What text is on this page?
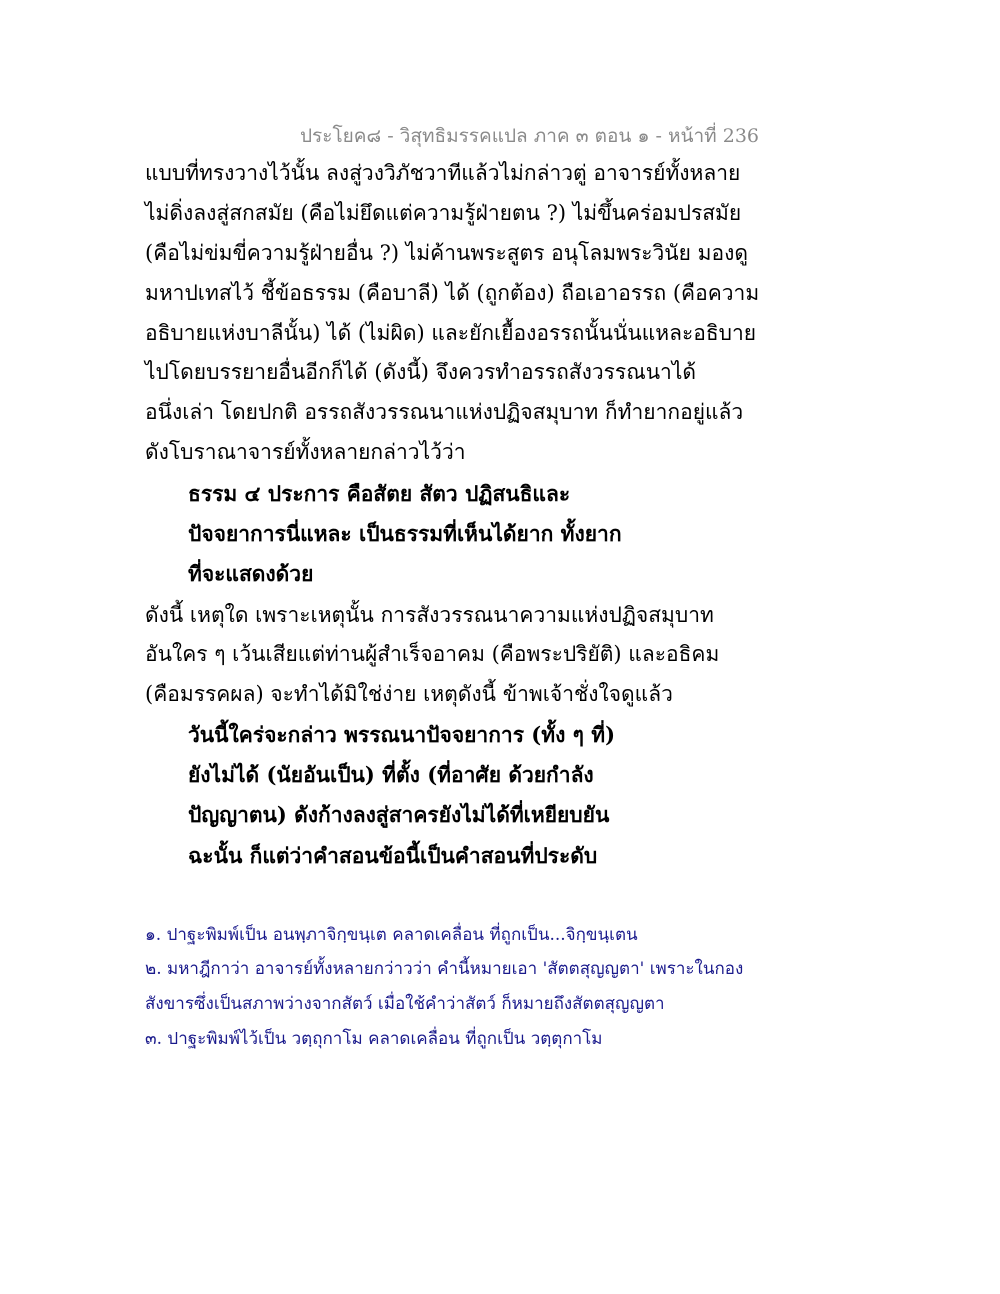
ประโยค๘ - วิสุทธิมรรคแปล ภาค ๓ ตอน ๑ - หน้าที่ 236
แบบที่ทรงวางไว้นั้น ลงสู่วงวิภัชวาทีแล้วไม่กล่าวตู่ อาจารย์ทั้งหลาย
ไม่ดิ่งลงสู่สกสมัย (คือไม่ยึดแต่ความรู้ฝ่ายตน ?) ไม่ขึ้นคร่อมปรสมัย
(คือไม่ข่มขี่ความรู้ฝ่ายอื่น ?) ไม่ค้านพระสูตร อนุโลมพระวินัย มองดู
มหาปเทสไว้ ชี้ข้อธรรม (คือบาลี) ได้ (ถูกต้อง) ถือเอาอรรถ (คือความ
อธิบายแห่งบาลีนั้น) ได้ (ไม่ผิด) และยักเยื้องอรรถนั้นนั่นแหละอธิบาย
ไปโดยบรรยายอื่นอีกก็ได้ (ดังนี้) จึงควรทำอรรถสังวรรณนาได้
อนึ่งเล่า โดยปกติ อรรถสังวรรณนาแห่งปฏิจสมุบาท ก็ทำยากอยู่แล้ว
ดังโบราณาจารย์ทั้งหลายกล่าวไว้ว่า
ธรรม ๔ ประการ คือสัตย สัตว ปฏิสนธิและ
ปัจจยาการนี่แหละ เป็นธรรมที่เห็นได้ยาก ทั้งยาก
ที่จะแสดงด้วย
ดังนี้ เหตุใด เพราะเหตุนั้น การสังวรรณนาความแห่งปฏิจสมุบาท
อันใคร ๆ เว้นเสียแต่ท่านผู้สำเร็จอาคม (คือพระปริยัติ) และอธิคม
(คือมรรคผล) จะทำได้มิใช่ง่าย เหตุดังนี้ ข้าพเจ้าชั่งใจดูแล้ว
วันนี้ใคร่จะกล่าว พรรณนาปัจจยาการ (ทั้ง ๆ ที่)
ยังไม่ได้ (นัยอันเป็น) ที่ตั้ง (ที่อาศัย ด้วยกำลัง
ปัญญาตน) ดังก้างลงสู่สาครยังไม่ได้ที่เหยียบยัน
ฉะนั้น ก็แต่ว่าคำสอนข้อนี้เป็นคำสอนที่ประดับ
๑. ปาฐะพิมพ์เป็น อนพฺภาจิกฺขนฺเต คลาดเคลื่อน ที่ถูกเป็น...จิกฺขนฺเตน
๒. มหาฎีกาว่า อาจารย์ทั้งหลายกว่าวว่า คำนี้หมายเอา 'สัตตสุญญตา' เพราะในกอง
สังขารซึ่งเป็นสภาพว่างจากสัตว์ เมื่อใช้คำว่าสัตว์ ก็หมายถึงสัตตสุญญตา
๓. ปาฐะพิมพ์ไว้เป็น วตฺถุกาโม คลาดเคลื่อน ที่ถูกเป็น วตฺตุกาโม
